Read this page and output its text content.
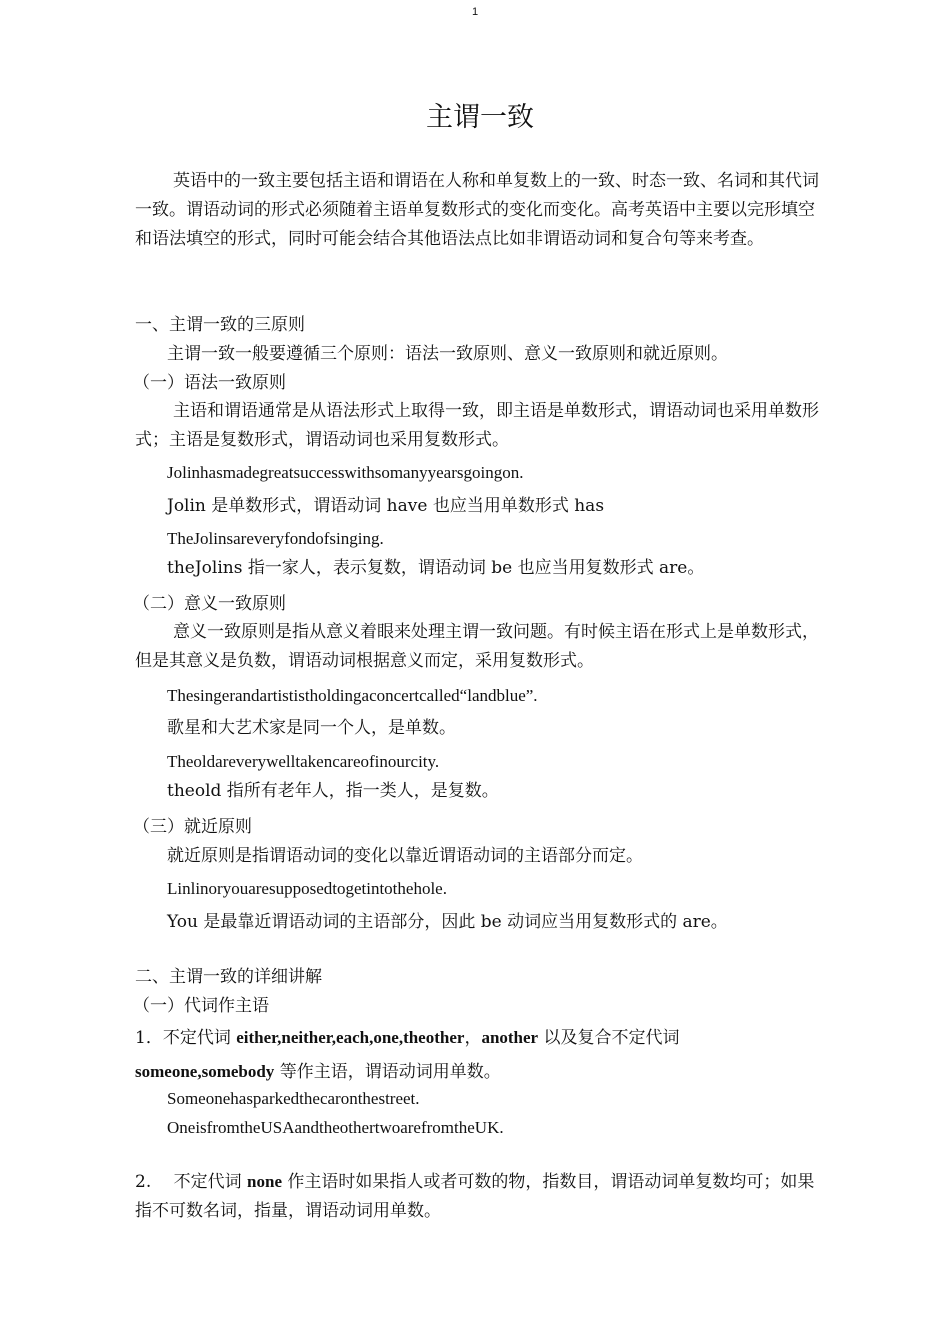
1
主谓一致

英语中的一致主要包括主语和谓语在人称和单复数上的一致、时态一致、名词和其代词一致。谓语动词的形式必须随着主语单复数形式的变化而变化。高考英语中主要以完形填空和语法填空的形式，同时可能会结合其他语法点比如非谓语动词和复合句等来考查。

一、主谓一致的三原则

主谓一致一般要遵循三个原则：语法一致原则、意义一致原则和就近原则。

（一）语法一致原则

主语和谓语通常是从语法形式上取得一致，即主语是单数形式，谓语动词也采用单数形式；主语是复数形式，谓语动词也采用复数形式。

Jolinhasmadegreatsuccesswithsomanyyearsgoingon.

Jolin 是单数形式，谓语动词 have 也应当用单数形式 has

TheJolinsareveryfondofsinging.

theJolins 指一家人，表示复数，谓语动词 be 也应当用复数形式 are。

（二）意义一致原则

意义一致原则是指从意义着眼来处理主谓一致问题。有时候主语在形式上是单数形式，但是其意义是负数，谓语动词根据意义而定，采用复数形式。

Thesingerandartististholdingaconcertcalled“landblue”.

歌星和大艺术家是同一个人，是单数。

Theoldareverywelltakencareofinourcity.

theold 指所有老年人，指一类人，是复数。

（三）就近原则

就近原则是指谓语动词的变化以靠近谓语动词的主语部分而定。

Linlinoryouaresupposedtogetintothehole.

You 是最靠近谓语动词的主语部分，因此 be 动词应当用复数形式的 are。

二、主谓一致的详细讲解

（一）代词作主语

1．不定代词 either,neither,each,one,theother，another 以及复合不定代词
someone,somebody 等作主语，谓语动词用单数。

Someonehasparkedthecaronthestreet.

OneisfromtheUSAandtheothertwoarefromtheUK.

2.　 不定代词 none 作主语时如果指人或者可数的物，指数目，谓语动词单复数均可；如果指不可数名词，指量，谓语动词用单数。
